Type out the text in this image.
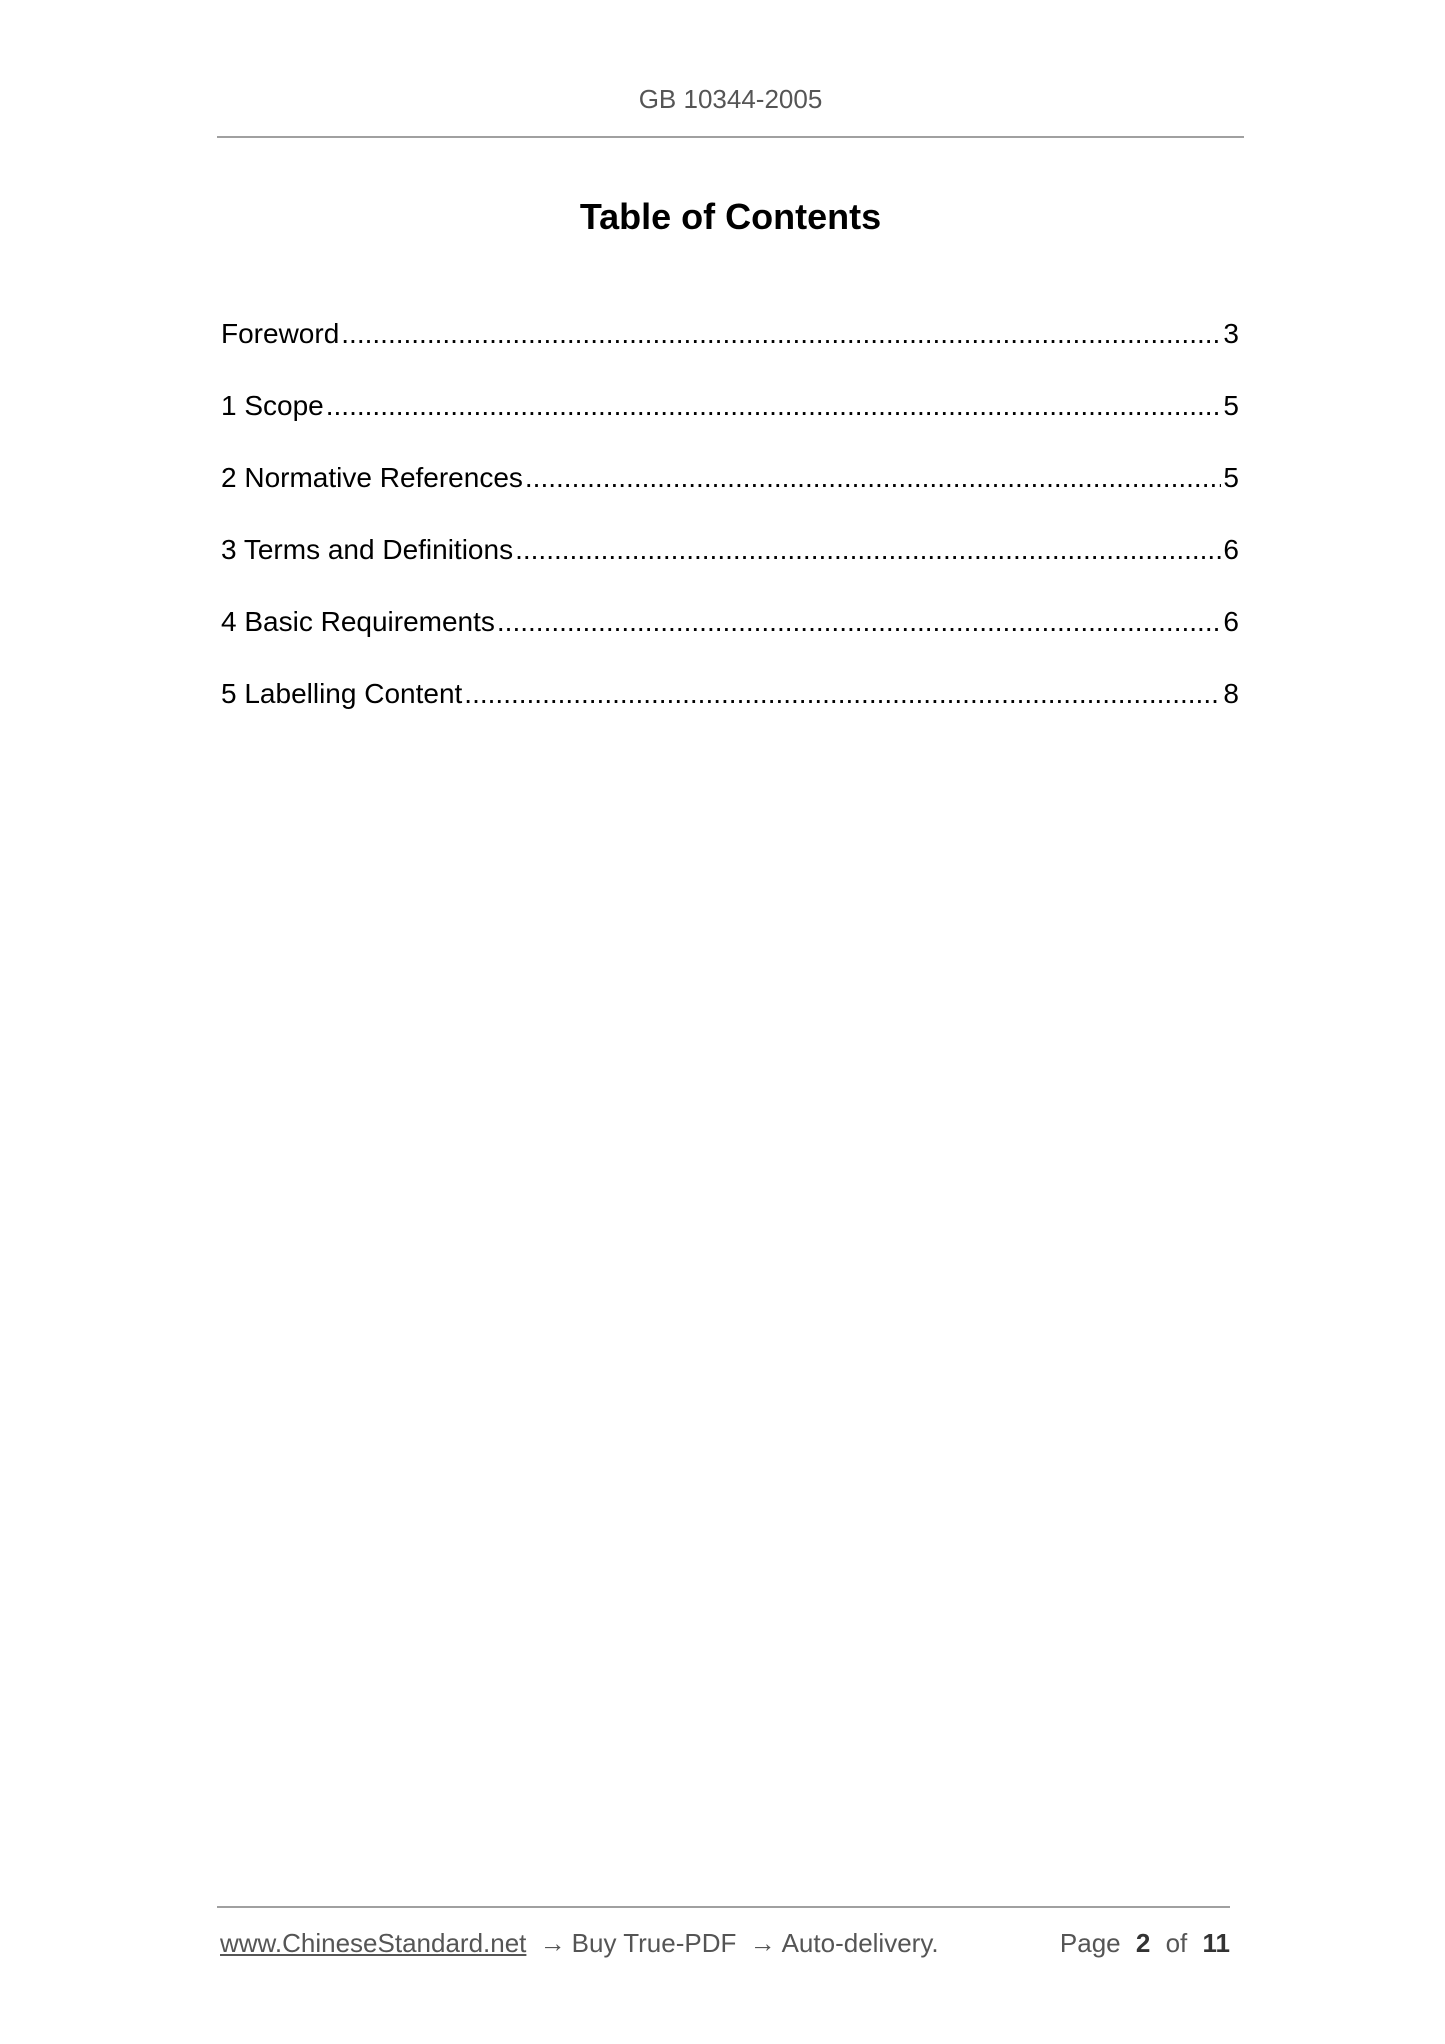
GB 10344-2005
Table of Contents
Foreword .....	3
1 Scope .....	5
2 Normative References .....	5
3 Terms and Definitions .....	6
4 Basic Requirements .....	6
5 Labelling Content .....	8
www.ChineseStandard.net → Buy True-PDF → Auto-delivery.	Page 2 of 11
